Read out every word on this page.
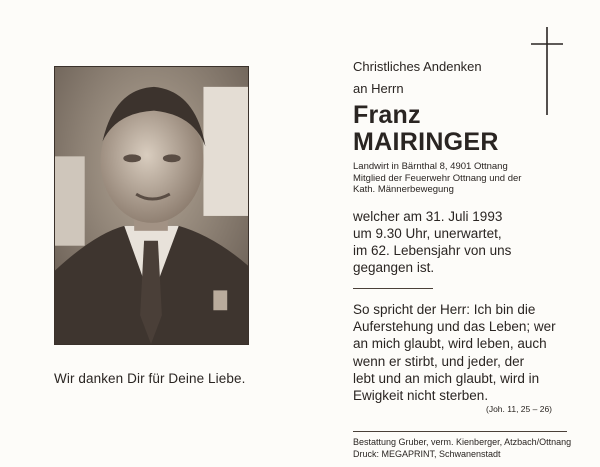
Wir danken Dir für Deine Liebe.
Christliches Andenken
an Herrn
Franz
MAIRINGER
Landwirt in Bärnthal 8, 4901 Ottnang
Mitglied der Feuerwehr Ottnang und der
Kath. Männerbewegung
welcher am 31. Juli 1993
um 9.30 Uhr, unerwartet,
im 62. Lebensjahr von uns
gegangen ist.
So spricht der Herr: Ich bin die
Auferstehung und das Leben; wer
an mich glaubt, wird leben, auch
wenn er stirbt, und jeder, der
lebt und an mich glaubt, wird in
Ewigkeit nicht sterben.
(Joh. 11, 25 – 26)
Bestattung Gruber, verm. Kienberger, Atzbach/Ottnang
Druck: MEGAPRINT, Schwanenstadt
